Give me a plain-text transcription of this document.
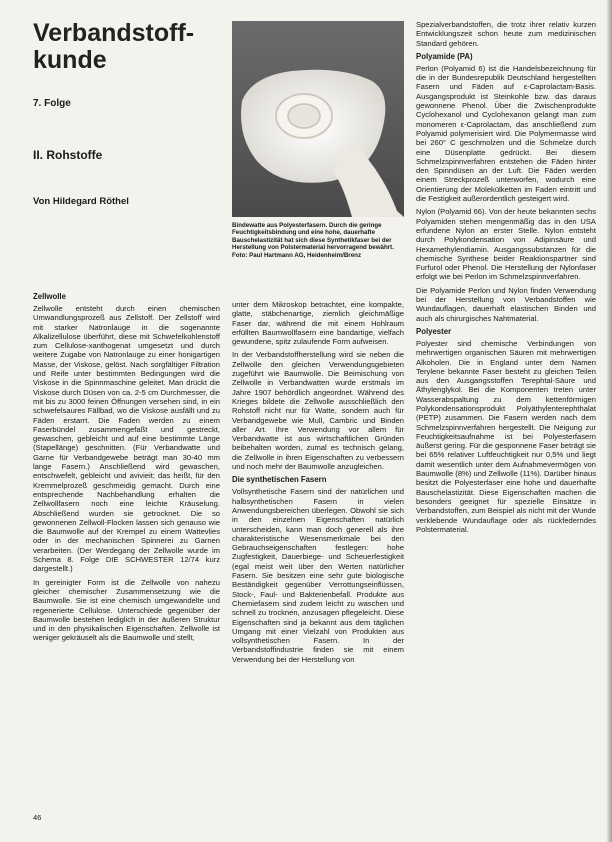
Verbandstoff-
kunde
7. Folge
II. Rohstoffe
Von Hildegard Röthel
Bindewatte aus Polyesterfasern. Durch die geringe Feuchtigkeitsbindung und eine hohe, dauerhafte Bauschelastizität hat sich diese Synthetikfaser bei der Herstellung von Polstermaterial hervorragend bewährt.
Foto: Paul Hartmann AG, Heidenheim/Brenz
Zellwolle

Zellwolle entsteht durch einen chemischen Umwandlungsprozeß aus Zellstoff. Der Zellstoff wird mit starker Natronlauge in die sogenannte Alkalizellulose überführt, diese mit Schwefelkohlenstoff zum Cellulose-xanthogenat umgesetzt und durch weitere Zugabe von Natronlauge zu einer honigartigen Masse, der Viskose, gelöst. Nach sorgfältiger Filtration und Reife unter bestimmten Bedingungen wird die Viskose in die Spinnmaschine geleitet. Man drückt die Viskose durch Düsen von ca. 2-5 cm Durchmesser, die mit bis zu 3000 feinen Öffnungen versehen sind, in ein schwefelsaures Fällbad, wo die Viskose ausfällt und zu Fäden erstarrt. Die Faden werden zu einem Faserbündel zusammengefaßt und gestreckt, gewaschen, gebleicht und auf eine bestimmte Länge (Stapellänge) geschnitten. (Für Verbandwatte und Garne für Verbandgewebe beträgt man 30-40 mm lange Fasern.) Anschließend wird gewaschen, entschwefelt, gebleicht und avivieit; das heißt, für den Kremmelprozeß geschmeidig gemacht. Durch eine entsprechende Nachbehandlung erhalten die Zellwollfasern noch eine leichte Kräuselung. Abschließend wurden sie getrocknet. Die so gewonnenen Zellwoll-Flocken lassen sich genauso wie die Baumwolle auf der Krempel zu einem Wattevlies oder in der mechanischen Spinnerei zu Garnen verarbeiten. (Der Werdegang der Zellwolle wurde im Schema 8. Folge DIE SCHWESTER 12/74 kurz dargestellt.)

In gereinigter Form ist die Zellwolle von nahezu gleicher chemischer Zusammensetzung wie die Baumwolle. Sie ist eine chemisch umgewandelte und regenerierte Cellulose. Unterschiede gegenüber der Baumwolle bestehen lediglich in der äußeren Struktur und in den physikalischen Eigenschaften. Zellwolle ist weniger gekräuselt als die Baumwolle und stellt,

unter dem Mikroskop betrachtet, eine kompakte, glatte, stäbchenartige, ziemlich gleichmäßige Faser dar, während die mit einem Hohlraum erfüllten Baumwollfasern eine bandartige, vielfach gewundene, spitz zulaufende Form aufweisen.

In der Verbandstoffherstellung wird sie neben die Zellwolle den gleichen Verwendungsgebieten zugeführt wie Baumwolle. Die Beimischung von Zellwolle in Verbandwatten wurde erstmals im Jahre 1907 behördlich angeordnet. Während des Krieges bildete die Zellwolle ausschließlich den Rohstoff nicht nur für Watte, sondern auch für Verbandgewebe wie Mull, Cambric und Binden aller Art. Ihre Verwendung vor allem für Verbandwatte ist aus wirtschaftlichen Gründen beibehalten worden, zumal es technisch gelang, die Zellwolle in ihren Eigenschaften zu verbessern und noch mehr der Baumwolle anzugleichen.

Die synthetischen Fasern

Vollsynthetische Fasern sind der natürlichen und halbsynthetischen Fasern in vielen Anwendungsbereichen überlegen. Obwohl sie sich in den einzelnen Eigenschaften natürlich unterscheiden, kann man doch generell als ihre charakteristische Wesensmerkmale bei den Gebrauchseigenschaften festlegen: hohe Zugfestigkeit, Dauerbiege- und Scheuerfestigkeit (egal meist weit über den Werten natürlicher Fasern. Sie besitzen eine sehr gute biologische Beständigkeit gegenüber Verrottungseinflüssen, Stock-, Faul- und Bakterienbefall. Produkte aus Chemiefasern sind zudem leicht zu waschen und schnell zu trocknen, anzusagen pflegeleicht. Diese Eigenschaften sind ja bekannt aus dem täglichen Umgang mit einer Vielzahl von Produkten aus vollsynthetischen Fasern. In der Verbandstoffindustrie finden sie mit einem Verwendung bei der Herstellung von

Spezialverbandstoffen, die trotz ihrer relativ kurzen Entwicklungszeit schon heute zum medizinischen Standard gehören.

Polyamide (PA)

Perlon (Polyamid 6) ist die Handelsbezeichnung für die in der Bundesrepublik Deutschland hergestellten Fasern und Fäden auf ε-Caprolactam-Basis. Ausgangsprodukt ist Steinkohle bzw. das daraus gewonnene Phenol. Über die Zwischenprodukte Cyclohexanol und Cyclohexanon gelangt man zum monomeren ε-Caprolactam, das anschließend zum Polyamid polymerisiert wird. Die Polymermasse wird bei 260° C geschmolzen und die Schmelze durch eine Düsenplatte gedrückt. Bei diesem Schmelzspinnverfahren entstehen die Fäden hinter den Spinndüsen an der Luft. Die Fäden werden einem Streckprozeß unterworfen, wodurch eine Orientierung der Molekülketten im Faden eintritt und die Festigkeit außerordentlich gesteigert wird.

Nylon (Polyamid 66). Von der heute bekannten sechs Polyamiden stehen mengenmäßig das in den USA erfundene Nylon an erster Stelle. Nylon entsteht durch Polykondensation von Adipinsäure und Hexamethylendiamin. Ausgangssubstanzen für die chemische Synthese beider Reaktionspartner sind Furfurol oder Phenol. Die Herstellung der Nylonfaser erfolgt wie bei Perlon im Schmelzspinnverfahren.

Die Polyamide Perlon und Nylon finden Verwendung bei der Herstellung von Verbandstoffen wie Wundauflagen, dauerhaft elastischen Binden und auch als chirurgisches Nahtmaterial.

Polyester

Polyester sind chemische Verbindungen von mehrwertigen organischen Säuren mit mehrwertigen Alkoholen. Die in England unter dem Namen Terylene bekannte Faser besteht zu gleichen Teilen aus den Ausgangsstoffen Terephtal-Säure und Äthylenglykol. Bei die Komponenten treten unter Wasserabspaltung zu dem kettenförmigen Polykondensationsprodukt Polyäthylenterephthalat (PETP) zusammen. Die Fasern werden nach dem Schmelzspinnverfahren hergestellt. Die Neigung zur Feuchtigkeitsaufnahme ist bei Polyesterfasern äußerst gering. Für die gesponnene Faser beträgt sie bei 65% relativer Luftfeuchtigkeit nur 0,5% und liegt damit wesentlich unter dem Aufnahmevermögen von Baumwolle (8%) und Zellwolle (11%). Darüber hinaus besitzt die Polyesterfaser eine hohe und dauerhafte Bauschelastizität. Diese Eigenschaften machen die besonders geeignet für spezielle Einsätze in Verbandstoffen, zum Beispiel als nicht mit der Wunde verklebende Wundauflage oder als rückfederndes Polstermaterial.

46
